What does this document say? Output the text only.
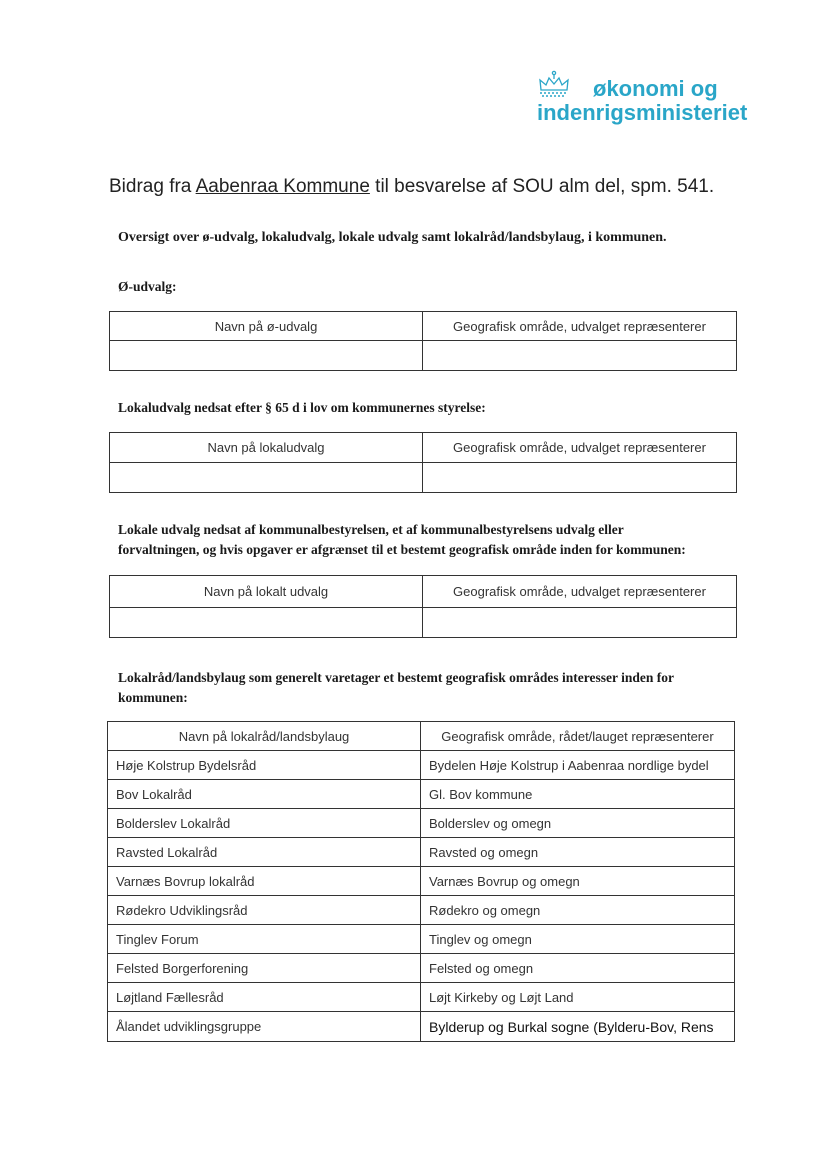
økonomi og
indenrigsministeriet
Bidrag fra Aabenraa Kommune til besvarelse af SOU alm del, spm. 541.
Oversigt over ø-udvalg, lokaludvalg, lokale udvalg samt lokalråd/landsbylaug, i kommunen.
Ø-udvalg:
Navn på ø-udvalg	Geografisk område, udvalget repræsenterer

Lokaludvalg nedsat efter § 65 d i lov om kommunernes styrelse:
Navn på lokaludvalg	Geografisk område, udvalget repræsenterer

Lokale udvalg nedsat af kommunalbestyrelsen, et af kommunalbestyrelsens udvalg eller
forvaltningen, og hvis opgaver er afgrænset til et bestemt geografisk område inden for kommunen:
Navn på lokalt udvalg	Geografisk område, udvalget repræsenterer

Lokalråd/landsbylaug som generelt varetager et bestemt geografisk områdes interesser inden for
kommunen:
Navn på lokalråd/landsbylaug	Geografisk område, rådet/lauget repræsenterer
Høje Kolstrup Bydelsråd	Bydelen Høje Kolstrup i Aabenraa nordlige bydel
Bov Lokalråd	Gl. Bov kommune
Bolderslev Lokalråd	Bolderslev og omegn
Ravsted Lokalråd	Ravsted og omegn
Varnæs Bovrup lokalråd	Varnæs Bovrup og omegn
Rødekro Udviklingsråd	Rødekro og omegn
Tinglev Forum	Tinglev og omegn
Felsted Borgerforening	Felsted og omegn
Løjtland Fællesråd	Løjt Kirkeby og Løjt Land
Ålandet udviklingsgruppe	Bylderup og Burkal sogne (Bylderu-Bov, Rens
